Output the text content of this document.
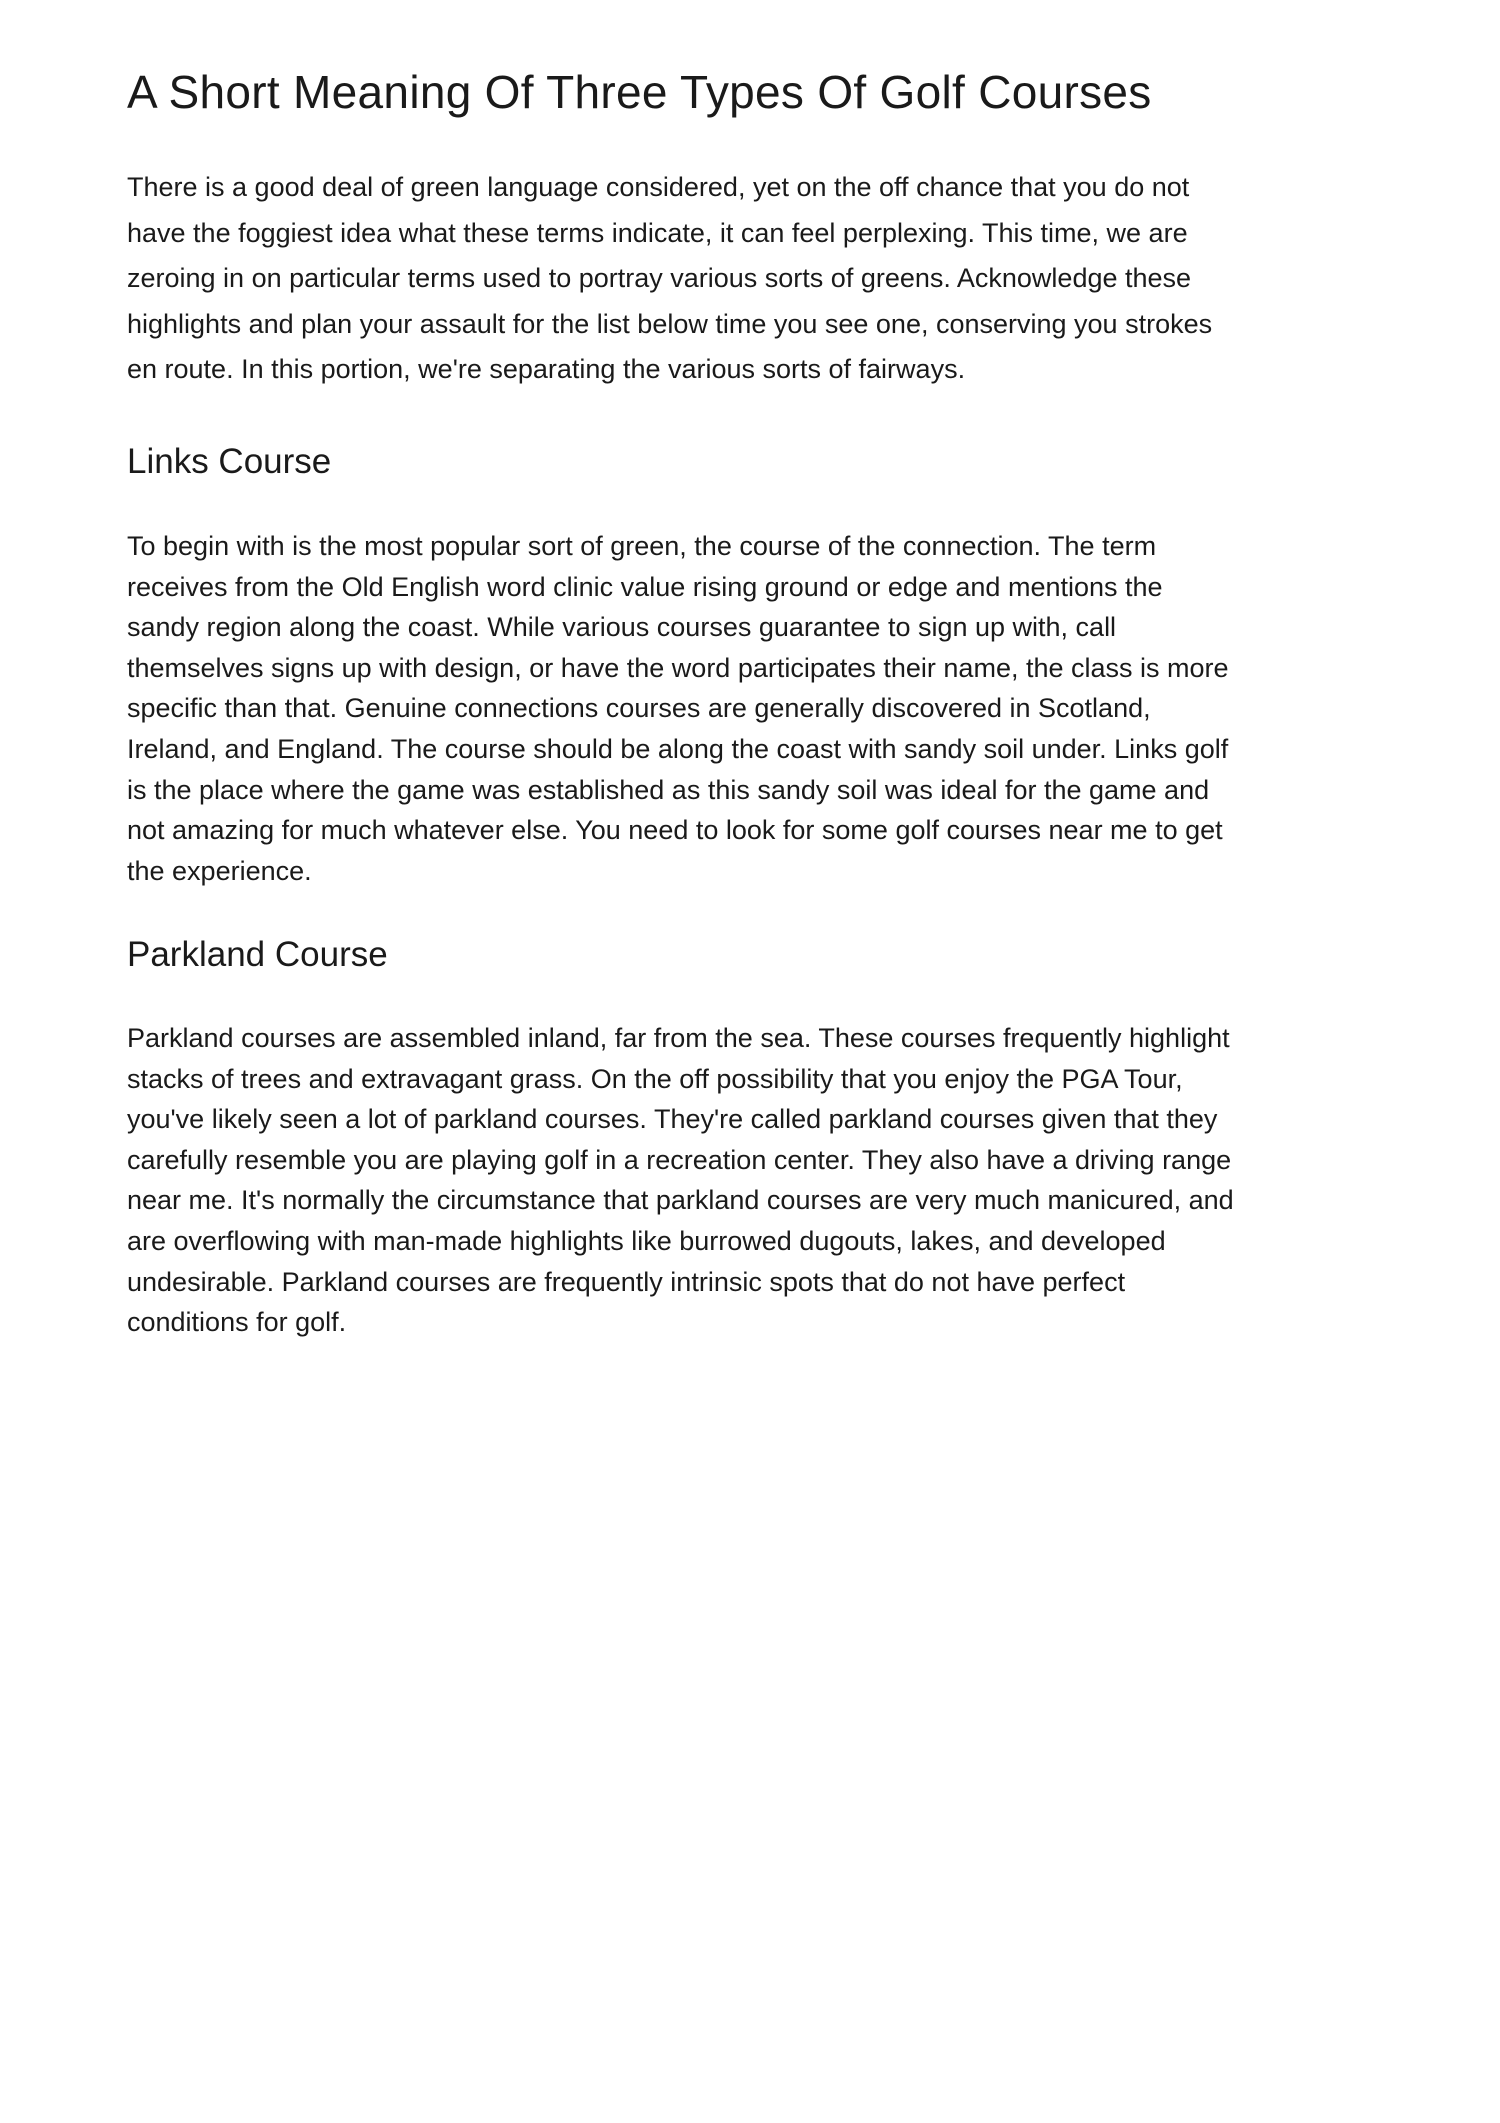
A Short Meaning Of Three Types Of Golf Courses
There is a good deal of green language considered, yet on the off chance that you do not
have the foggiest idea what these terms indicate, it can feel perplexing. This time, we are
zeroing in on particular terms used to portray various sorts of greens. Acknowledge these
highlights and plan your assault for the list below time you see one, conserving you strokes
en route. In this portion, we're separating the various sorts of fairways.
Links Course
To begin with is the most popular sort of green, the course of the connection. The term
receives from the Old English word clinic value rising ground or edge and mentions the
sandy region along the coast. While various courses guarantee to sign up with, call
themselves signs up with design, or have the word participates their name, the class is more
specific than that. Genuine connections courses are generally discovered in Scotland,
Ireland, and England. The course should be along the coast with sandy soil under. Links golf
is the place where the game was established as this sandy soil was ideal for the game and
not amazing for much whatever else. You need to look for some golf courses near me to get
the experience.
Parkland Course
Parkland courses are assembled inland, far from the sea. These courses frequently highlight
stacks of trees and extravagant grass. On the off possibility that you enjoy the PGA Tour,
you've likely seen a lot of parkland courses. They're called parkland courses given that they
carefully resemble you are playing golf in a recreation center. They also have a driving range
near me. It's normally the circumstance that parkland courses are very much manicured, and
are overflowing with man-made highlights like burrowed dugouts, lakes, and developed
undesirable. Parkland courses are frequently intrinsic spots that do not have perfect
conditions for golf.
